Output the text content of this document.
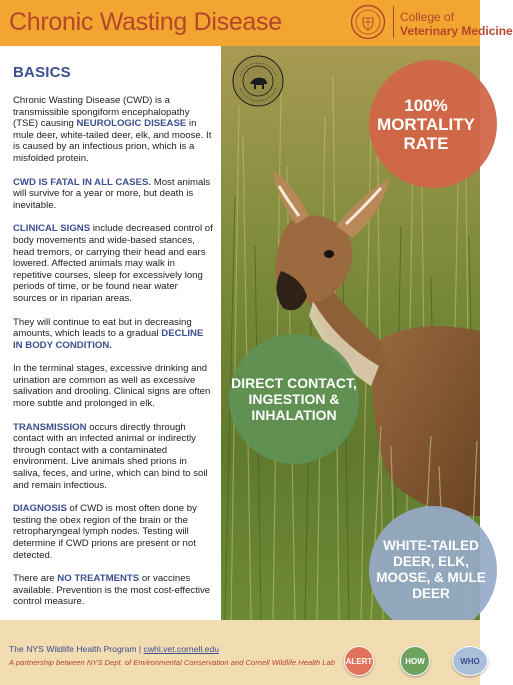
Chronic Wasting Disease	College of
Veterinary Medicine
BASICS

Chronic Wasting Disease (CWD) is a transmissible spongiform encephalopathy (TSE) causing NEUROLOGIC DISEASE in mule deer, white-tailed deer, elk, and moose. It is caused by an infectious prion, which is a misfolded protein.

CWD IS FATAL IN ALL CASES. Most animals will survive for a year or more, but death is inevitable.

CLINICAL SIGNS include decreased control of body movements and wide-based stances, head tremors, or carrying their head and ears lowered. Affected animals may walk in repetitive courses, sleep for excessively long periods of time, or be found near water sources or in riparian areas.

They will continue to eat but in decreasing amounts, which leads to a gradual DECLINE IN BODY CONDITION.

In the terminal stages, excessive drinking and urination are common as well as excessive salivation and drooling. Clinical signs are often more subtle and prolonged in elk.

TRANSMISSION occurs directly through contact with an infected animal or indirectly through contact with a contaminated environment. Live animals shed prions in saliva, feces, and urine, which can bind to soil and remain infectious.

DIAGNOSIS of CWD is most often done by testing the obex region of the brain or the retropharyngeal lymph nodes. Testing will determine if CWD prions are present or not detected.

There are NO TREATMENTS or vaccines available. Prevention is the most cost-effective control measure.

100% MORTALITY RATE
DIRECT CONTACT, INGESTION & INHALATION
WHITE-TAILED DEER, ELK, MOOSE, & MULE DEER
The NYS Wildlife Health Program | cwhl.vet.cornell.edu
A partnership between NYS Dept. of Environmental Conservation and Cornell Wildlife Health Lab ALERT	HOW	WHO
